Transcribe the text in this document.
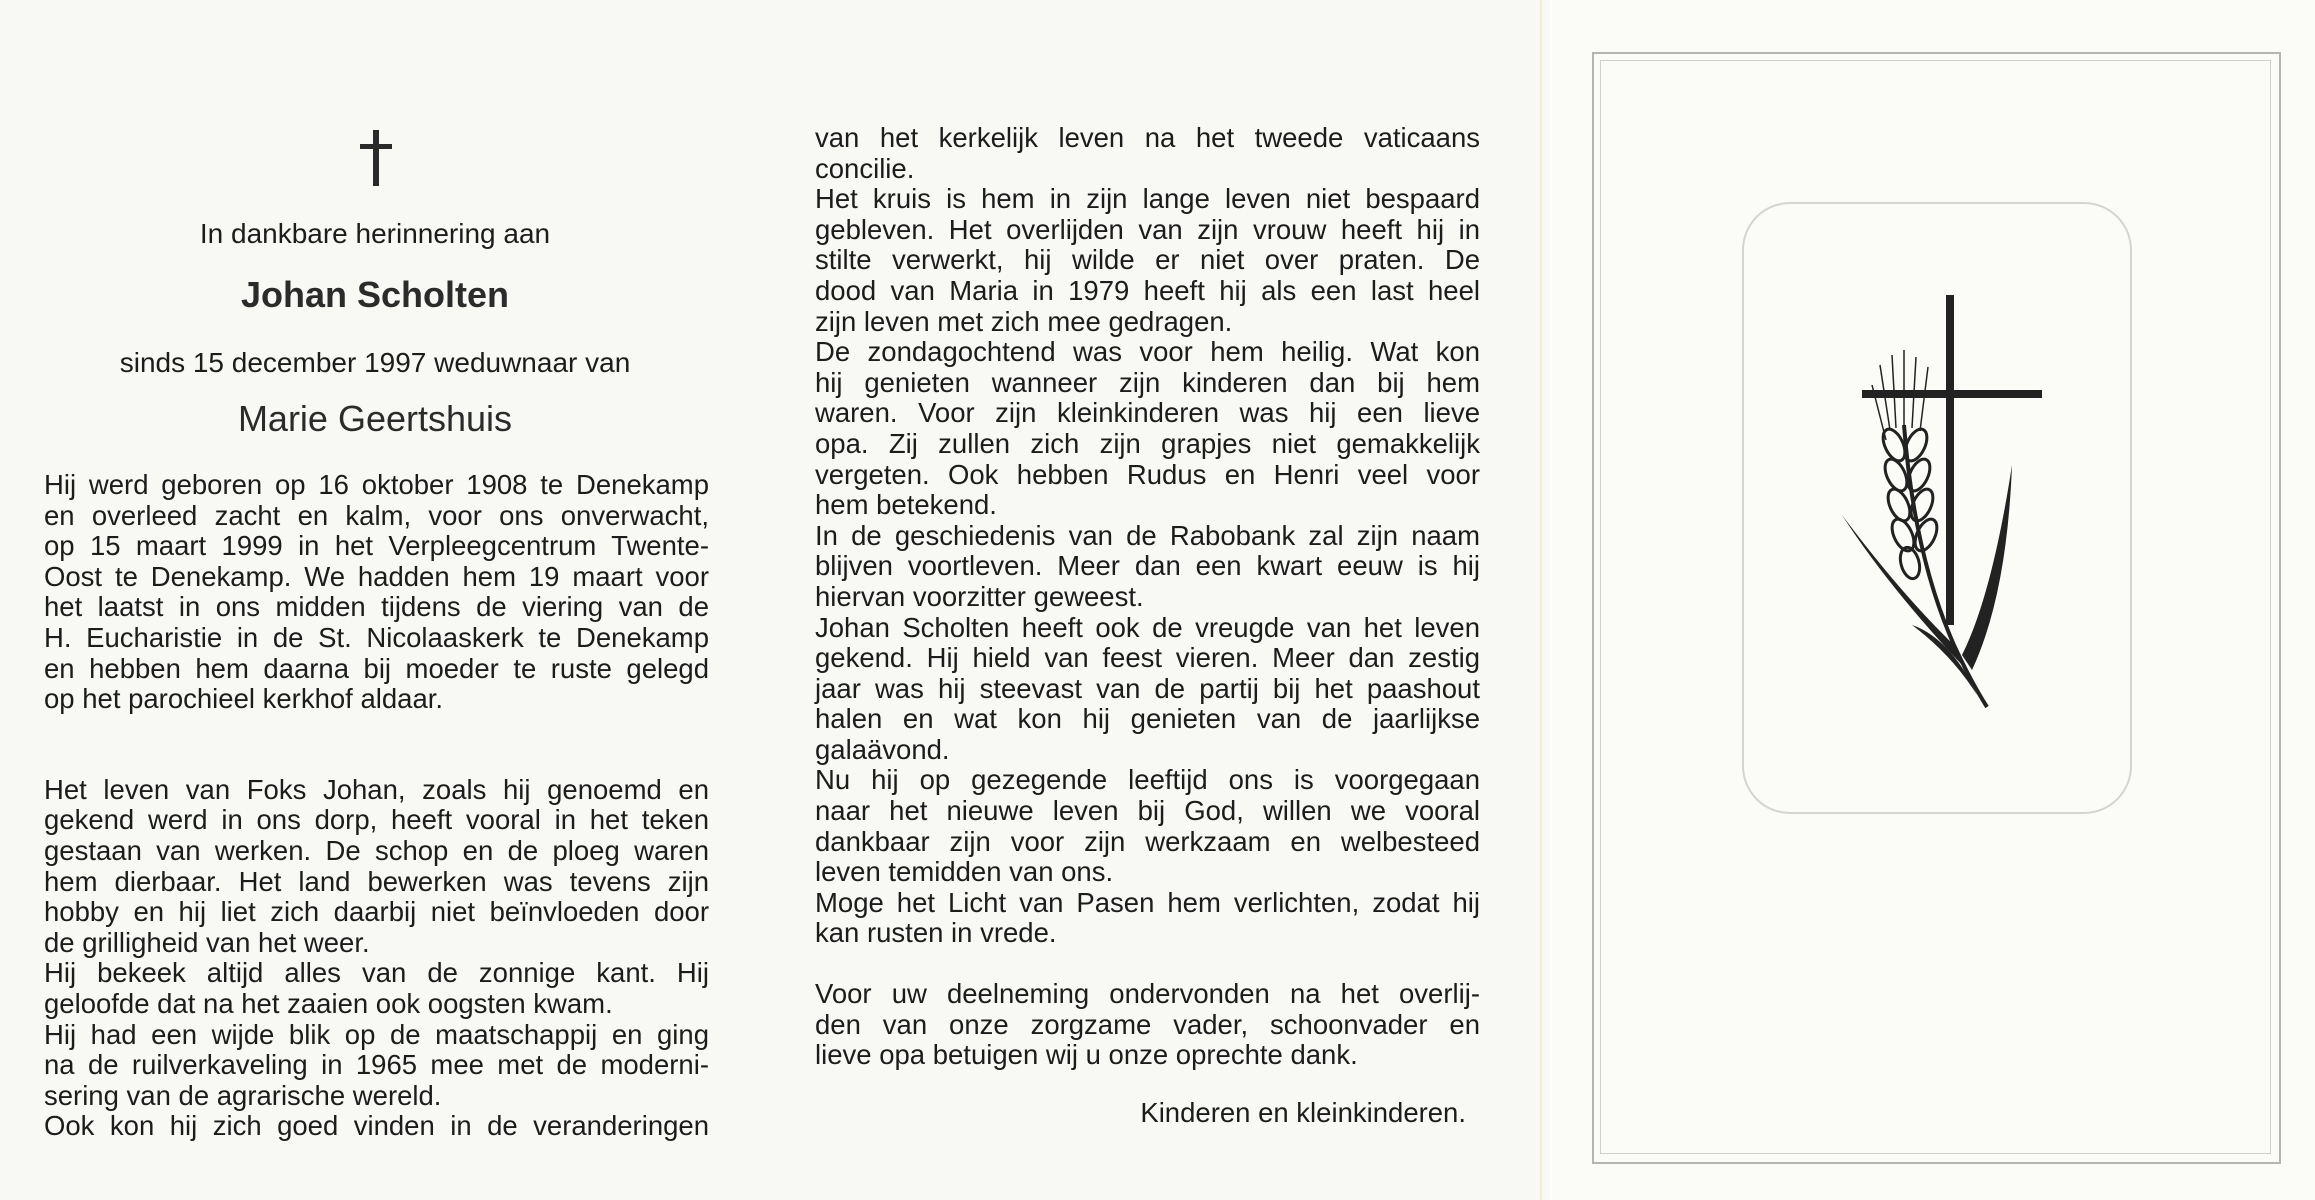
In dankbare herinnering aan
Johan Scholten
sinds 15 december 1997 weduwnaar van
Marie Geertshuis
Hij werd geboren op 16 oktober 1908 te Denekamp
en overleed zacht en kalm, voor ons onverwacht,
op 15 maart 1999 in het Verpleegcentrum Twente-
Oost te Denekamp. We hadden hem 19 maart voor
het laatst in ons midden tijdens de viering van de
H. Eucharistie in de St. Nicolaaskerk te Denekamp
en hebben hem daarna bij moeder te ruste gelegd
op het parochieel kerkhof aldaar.
Het leven van Foks Johan, zoals hij genoemd en
gekend werd in ons dorp, heeft vooral in het teken
gestaan van werken. De schop en de ploeg waren
hem dierbaar. Het land bewerken was tevens zijn
hobby en hij liet zich daarbij niet beïnvloeden door
de grilligheid van het weer.
Hij bekeek altijd alles van de zonnige kant. Hij
geloofde dat na het zaaien ook oogsten kwam.
Hij had een wijde blik op de maatschappij en ging
na de ruilverkaveling in 1965 mee met de moderni-
sering van de agrarische wereld.
Ook kon hij zich goed vinden in de veranderingen
van het kerkelijk leven na het tweede vaticaans
concilie.
Het kruis is hem in zijn lange leven niet bespaard
gebleven. Het overlijden van zijn vrouw heeft hij in
stilte verwerkt, hij wilde er niet over praten. De
dood van Maria in 1979 heeft hij als een last heel
zijn leven met zich mee gedragen.
De zondagochtend was voor hem heilig. Wat kon
hij genieten wanneer zijn kinderen dan bij hem
waren. Voor zijn kleinkinderen was hij een lieve
opa. Zij zullen zich zijn grapjes niet gemakkelijk
vergeten. Ook hebben Rudus en Henri veel voor
hem betekend.
In de geschiedenis van de Rabobank zal zijn naam
blijven voortleven. Meer dan een kwart eeuw is hij
hiervan voorzitter geweest.
Johan Scholten heeft ook de vreugde van het leven
gekend. Hij hield van feest vieren. Meer dan zestig
jaar was hij steevast van de partij bij het paashout
halen en wat kon hij genieten van de jaarlijkse
galaävond.
Nu hij op gezegende leeftijd ons is voorgegaan
naar het nieuwe leven bij God, willen we vooral
dankbaar zijn voor zijn werkzaam en welbesteed
leven temidden van ons.
Moge het Licht van Pasen hem verlichten, zodat hij
kan rusten in vrede.
Voor uw deelneming ondervonden na het overlij-
den van onze zorgzame vader, schoonvader en
lieve opa betuigen wij u onze oprechte dank.
Kinderen en kleinkinderen.
